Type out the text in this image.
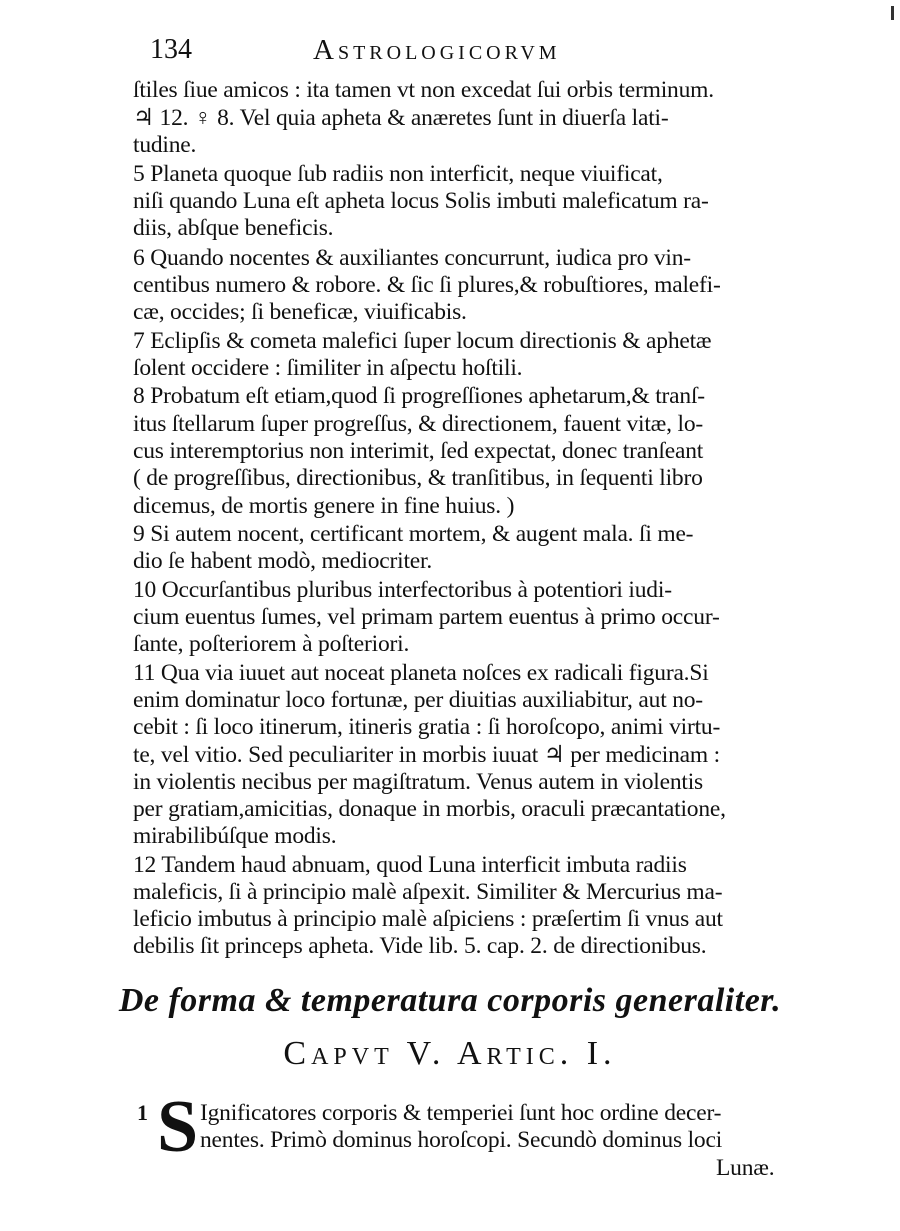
134	Astrologicorvm
ſtiles ſiue amicos : ita tamen vt non excedat ſui orbis terminum.
♃ 12. ♀ 8. Vel quia apheta & anæretes ſunt in diuerſa lati-
tudine.
5 Planeta quoque ſub radiis non interficit, neque viuificat,
niſi quando Luna eſt apheta locus Solis imbuti maleficatum ra-
diis, abſque beneficis.
6 Quando nocentes & auxiliantes concurrunt, iudica pro vin-
centibus numero & robore. & ſic ſi plures,& robuſtiores, malefi-
cæ, occides; ſi beneficæ, viuificabis.
7 Eclipſis & cometa malefici ſuper locum directionis & aphetæ
ſolent occidere : ſimiliter in aſpectu hoſtili.
8 Probatum eſt etiam,quod ſi progreſſiones aphetarum,& tranſ-
itus ſtellarum ſuper progreſſus, & directionem, fauent vitæ, lo-
cus interemptorius non interimit, ſed expectat, donec tranſeant
( de progreſſibus, directionibus, & tranſitibus, in ſequenti libro
dicemus, de mortis genere in fine huius. )
9 Si autem nocent, certificant mortem, & augent mala. ſi me-
dio ſe habent modò, mediocriter.
10 Occurſantibus pluribus interfectoribus à potentiori iudi-
cium euentus ſumes, vel primam partem euentus à primo occur-
ſante, poſteriorem à poſteriori.
11 Qua via iuuet aut noceat planeta noſces ex radicali figura.Si
enim dominatur loco fortunæ, per diuitias auxiliabitur, aut no-
cebit : ſi loco itinerum, itineris gratia : ſi horoſcopo, animi virtu-
te, vel vitio. Sed peculiariter in morbis iuuat ♃ per medicinam :
in violentis necibus per magiſtratum. Venus autem in violentis
per gratiam,amicitias, donaque in morbis, oraculi præcantatione,
mirabilibúſque modis.
12 Tandem haud abnuam, quod Luna interficit imbuta radiis
maleficis, ſi à principio malè aſpexit. Similiter & Mercurius ma-
leficio imbutus à principio malè aſpiciens : præſertim ſi vnus aut
debilis ſit princeps apheta. Vide lib. 5. cap. 2. de directionibus.
De forma & temperatura corporis generaliter.
Capvt V. Artic. I.
1 S Ignificatores corporis & temperiei ſunt hoc ordine decer-
nentes. Primò dominus horoſcopi. Secundò dominus loci
Lunæ.
